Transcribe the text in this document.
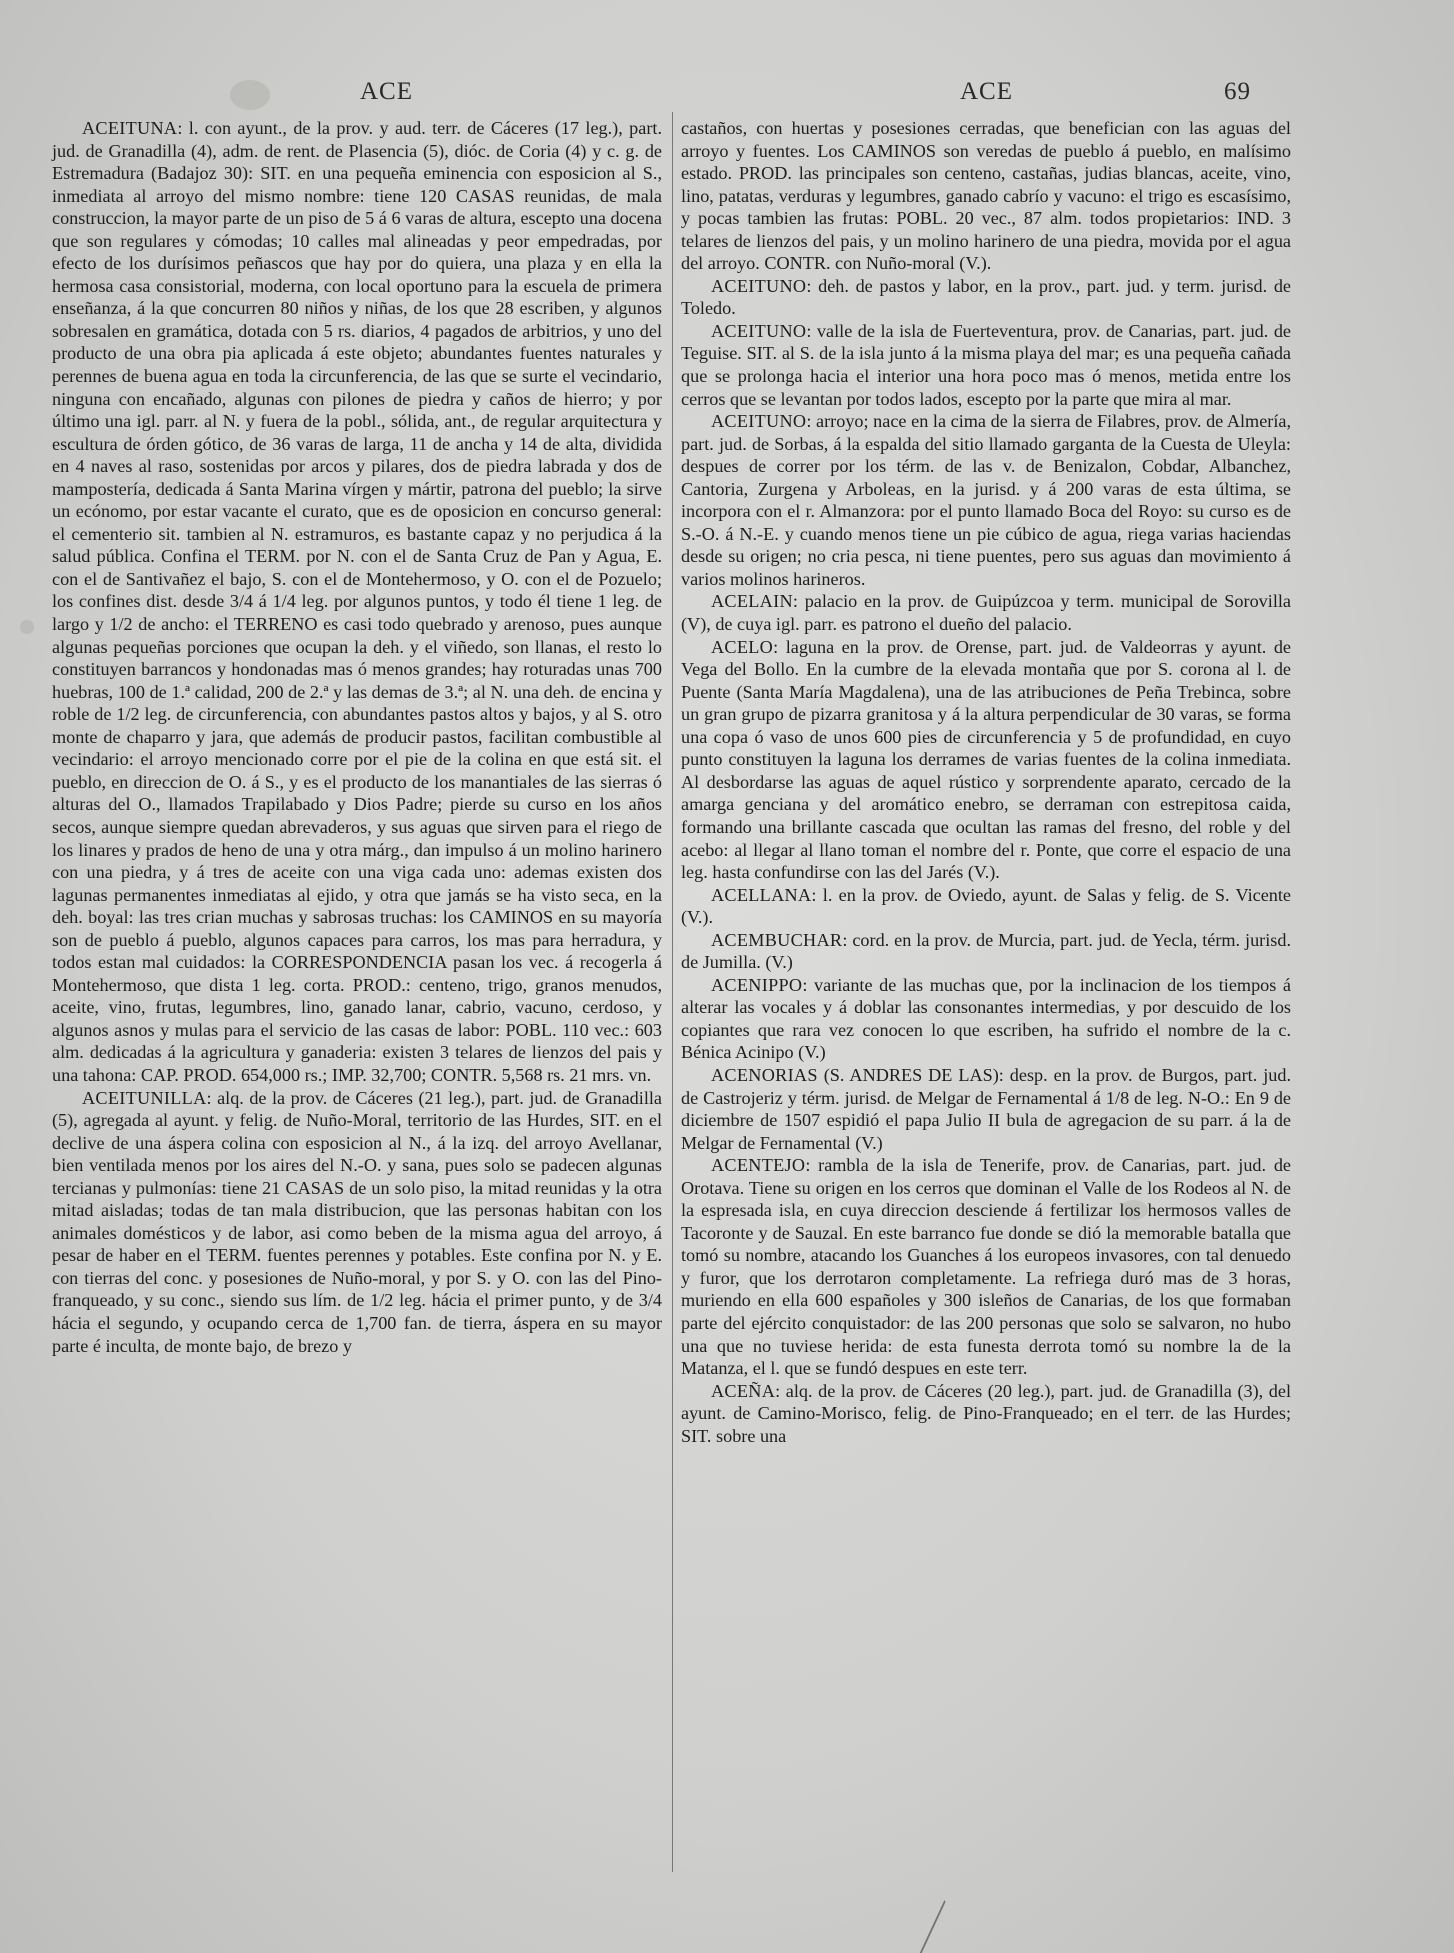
ACE	ACE	69

ACEITUNA: l. con ayunt., de la prov. y aud. terr. de Cáceres (17 leg.), part. jud. de Granadilla (4), adm. de rent. de Plasencia (5), dióc. de Coria (4) y c. g. de Estremadura (Badajoz 30): SIT. en una pequeña eminencia con esposicion al S., inmediata al arroyo del mismo nombre: tiene 120 CASAS reunidas, de mala construccion, la mayor parte de un piso de 5 á 6 varas de altura, escepto una docena que son regulares y cómodas; 10 calles mal alineadas y peor empedradas, por efecto de los durísimos peñascos que hay por do quiera, una plaza y en ella la hermosa casa consistorial, moderna, con local oportuno para la escuela de primera enseñanza, á la que concurren 80 niños y niñas, de los que 28 escriben, y algunos sobresalen en gramática, dotada con 5 rs. diarios, 4 pagados de arbitrios, y uno del producto de una obra pia aplicada á este objeto; abundantes fuentes naturales y perennes de buena agua en toda la circunferencia, de las que se surte el vecindario, ninguna con encañado, algunas con pilones de piedra y caños de hierro; y por último una igl. parr. al N. y fuera de la pobl., sólida, ant., de regular arquitectura y escultura de órden gótico, de 36 varas de larga, 11 de ancha y 14 de alta, dividida en 4 naves al raso, sostenidas por arcos y pilares, dos de piedra labrada y dos de mampostería, dedicada á Santa Marina vírgen y mártir, patrona del pueblo; la sirve un ecónomo, por estar vacante el curato, que es de oposicion en concurso general: el cementerio sit. tambien al N. estramuros, es bastante capaz y no perjudica á la salud pública. Confina el TERM. por N. con el de Santa Cruz de Pan y Agua, E. con el de Santivañez el bajo, S. con el de Montehermoso, y O. con el de Pozuelo; los confines dist. desde 3/4 á 1/4 leg. por algunos puntos, y todo él tiene 1 leg. de largo y 1/2 de ancho: el TERRENO es casi todo quebrado y arenoso, pues aunque algunas pequeñas porciones que ocupan la deh. y el viñedo, son llanas, el resto lo constituyen barrancos y hondonadas mas ó menos grandes; hay roturadas unas 700 huebras, 100 de 1.ª calidad, 200 de 2.ª y las demas de 3.ª; al N. una deh. de encina y roble de 1/2 leg. de circunferencia, con abundantes pastos altos y bajos, y al S. otro monte de chaparro y jara, que además de producir pastos, facilitan combustible al vecindario: el arroyo mencionado corre por el pie de la colina en que está sit. el pueblo, en direccion de O. á S., y es el producto de los manantiales de las sierras ó alturas del O., llamados Trapilabado y Dios Padre; pierde su curso en los años secos, aunque siempre quedan abrevaderos, y sus aguas que sirven para el riego de los linares y prados de heno de una y otra márg., dan impulso á un molino harinero con una piedra, y á tres de aceite con una viga cada uno: ademas existen dos lagunas permanentes inmediatas al ejido, y otra que jamás se ha visto seca, en la deh. boyal: las tres crian muchas y sabrosas truchas: los CAMINOS en su mayoría son de pueblo á pueblo, algunos capaces para carros, los mas para herradura, y todos estan mal cuidados: la CORRESPONDENCIA pasan los vec. á recogerla á Montehermoso, que dista 1 leg. corta. PROD.: centeno, trigo, granos menudos, aceite, vino, frutas, legumbres, lino, ganado lanar, cabrio, vacuno, cerdoso, y algunos asnos y mulas para el servicio de las casas de labor: POBL. 110 vec.: 603 alm. dedicadas á la agricultura y ganaderia: existen 3 telares de lienzos del pais y una tahona: CAP. PROD. 654,000 rs.; IMP. 32,700; CONTR. 5,568 rs. 21 mrs. vn.

ACEITUNILLA: alq. de la prov. de Cáceres (21 leg.), part. jud. de Granadilla (5), agregada al ayunt. y felig. de Nuño-Moral, territorio de las Hurdes, SIT. en el declive de una áspera colina con esposicion al N., á la izq. del arroyo Avellanar, bien ventilada menos por los aires del N.-O. y sana, pues solo se padecen algunas tercianas y pulmonías: tiene 21 CASAS de un solo piso, la mitad reunidas y la otra mitad aisladas; todas de tan mala distribucion, que las personas habitan con los animales domésticos y de labor, asi como beben de la misma agua del arroyo, á pesar de haber en el TERM. fuentes perennes y potables. Este confina por N. y E. con tierras del conc. y posesiones de Nuño-moral, y por S. y O. con las del Pino-franqueado, y su conc., siendo sus lím. de 1/2 leg. hácia el primer punto, y de 3/4 hácia el segundo, y ocupando cerca de 1,700 fan. de tierra, áspera en su mayor parte é inculta, de monte bajo, de brezo y

castaños, con huertas y posesiones cerradas, que benefician con las aguas del arroyo y fuentes. Los CAMINOS son veredas de pueblo á pueblo, en malísimo estado. PROD. las principales son centeno, castañas, judias blancas, aceite, vino, lino, patatas, verduras y legumbres, ganado cabrío y vacuno: el trigo es escasísimo, y pocas tambien las frutas: POBL. 20 vec., 87 alm. todos propietarios: IND. 3 telares de lienzos del pais, y un molino harinero de una piedra, movida por el agua del arroyo. CONTR. con Nuño-moral (V.).

ACEITUNO: deh. de pastos y labor, en la prov., part. jud. y term. jurisd. de Toledo.

ACEITUNO: valle de la isla de Fuerteventura, prov. de Canarias, part. jud. de Teguise. SIT. al S. de la isla junto á la misma playa del mar; es una pequeña cañada que se prolonga hacia el interior una hora poco mas ó menos, metida entre los cerros que se levantan por todos lados, escepto por la parte que mira al mar.

ACEITUNO: arroyo; nace en la cima de la sierra de Filabres, prov. de Almería, part. jud. de Sorbas, á la espalda del sitio llamado garganta de la Cuesta de Uleyla: despues de correr por los térm. de las v. de Benizalon, Cobdar, Albanchez, Cantoria, Zurgena y Arboleas, en la jurisd. y á 200 varas de esta última, se incorpora con el r. Almanzora: por el punto llamado Boca del Royo: su curso es de S.-O. á N.-E. y cuando menos tiene un pie cúbico de agua, riega varias haciendas desde su origen; no cria pesca, ni tiene puentes, pero sus aguas dan movimiento á varios molinos harineros.

ACELAIN: palacio en la prov. de Guipúzcoa y term. municipal de Sorovilla (V), de cuya igl. parr. es patrono el dueño del palacio.

ACELO: laguna en la prov. de Orense, part. jud. de Valdeorras y ayunt. de Vega del Bollo. En la cumbre de la elevada montaña que por S. corona al l. de Puente (Santa María Magdalena), una de las atribuciones de Peña Trebinca, sobre un gran grupo de pizarra granitosa y á la altura perpendicular de 30 varas, se forma una copa ó vaso de unos 600 pies de circunferencia y 5 de profundidad, en cuyo punto constituyen la laguna los derrames de varias fuentes de la colina inmediata. Al desbordarse las aguas de aquel rústico y sorprendente aparato, cercado de la amarga genciana y del aromático enebro, se derraman con estrepitosa caida, formando una brillante cascada que ocultan las ramas del fresno, del roble y del acebo: al llegar al llano toman el nombre del r. Ponte, que corre el espacio de una leg. hasta confundirse con las del Jarés (V.).

ACELLANA: l. en la prov. de Oviedo, ayunt. de Salas y felig. de S. Vicente (V.).

ACEMBUCHAR: cord. en la prov. de Murcia, part. jud. de Yecla, térm. jurisd. de Jumilla. (V.)

ACENIPPO: variante de las muchas que, por la inclinacion de los tiempos á alterar las vocales y á doblar las consonantes intermedias, y por descuido de los copiantes que rara vez conocen lo que escriben, ha sufrido el nombre de la c. Bénica Acinipo (V.)

ACENORIAS (S. ANDRES DE LAS): desp. en la prov. de Burgos, part. jud. de Castrojeriz y térm. jurisd. de Melgar de Fernamental á 1/8 de leg. N-O.: En 9 de diciembre de 1507 espidió el papa Julio II bula de agregacion de su parr. á la de Melgar de Fernamental (V.)

ACENTEJO: rambla de la isla de Tenerife, prov. de Canarias, part. jud. de Orotava. Tiene su origen en los cerros que dominan el Valle de los Rodeos al N. de la espresada isla, en cuya direccion desciende á fertilizar los hermosos valles de Tacoronte y de Sauzal. En este barranco fue donde se dió la memorable batalla que tomó su nombre, atacando los Guanches á los europeos invasores, con tal denuedo y furor, que los derrotaron completamente. La refriega duró mas de 3 horas, muriendo en ella 600 españoles y 300 isleños de Canarias, de los que formaban parte del ejército conquistador: de las 200 personas que solo se salvaron, no hubo una que no tuviese herida: de esta funesta derrota tomó su nombre la de la Matanza, el l. que se fundó despues en este terr.

ACEÑA: alq. de la prov. de Cáceres (20 leg.), part. jud. de Granadilla (3), del ayunt. de Camino-Morisco, felig. de Pino-Franqueado; en el terr. de las Hurdes; SIT. sobre una
